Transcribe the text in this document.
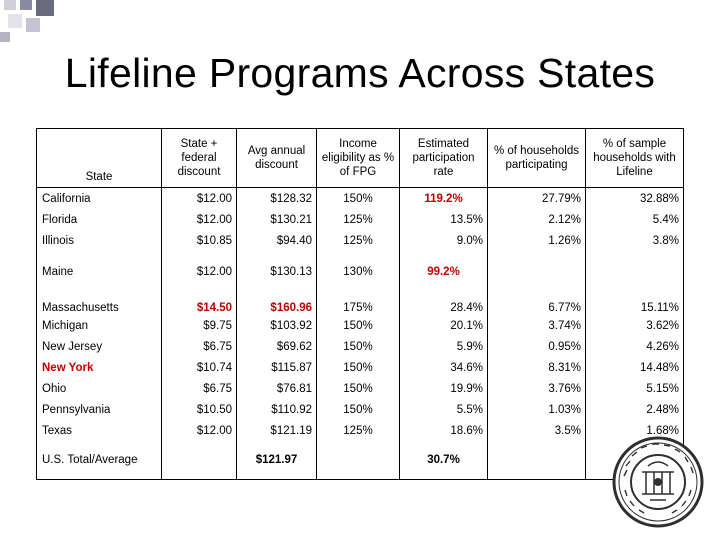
Lifeline Programs Across States
State	State + federal discount	Avg annual discount	Income eligibility as % of FPG	Estimated participation rate	% of households participating	% of sample households with Lifeline
California	$12.00	$128.32	150%	119.2%	27.79%	32.88%
Florida	$12.00	$130.21	125%	13.5%	2.12%	5.4%
Illinois	$10.85	$94.40	125%	9.0%	1.26%	3.8%
Maine	$12.00	$130.13	130%	99.2%		
Massachusetts	$14.50	$160.96	175%	28.4%	6.77%	15.11%
Michigan	$9.75	$103.92	150%	20.1%	3.74%	3.62%
New Jersey	$6.75	$69.62	150%	5.9%	0.95%	4.26%
New York	$10.74	$115.87	150%	34.6%	8.31%	14.48%
Ohio	$6.75	$76.81	150%	19.9%	3.76%	5.15%
Pennsylvania	$10.50	$110.92	150%	5.5%	1.03%	2.48%
Texas	$12.00	$121.19	125%	18.6%	3.5%	1.68%
U.S. Total/Average		$121.97		30.7%		
